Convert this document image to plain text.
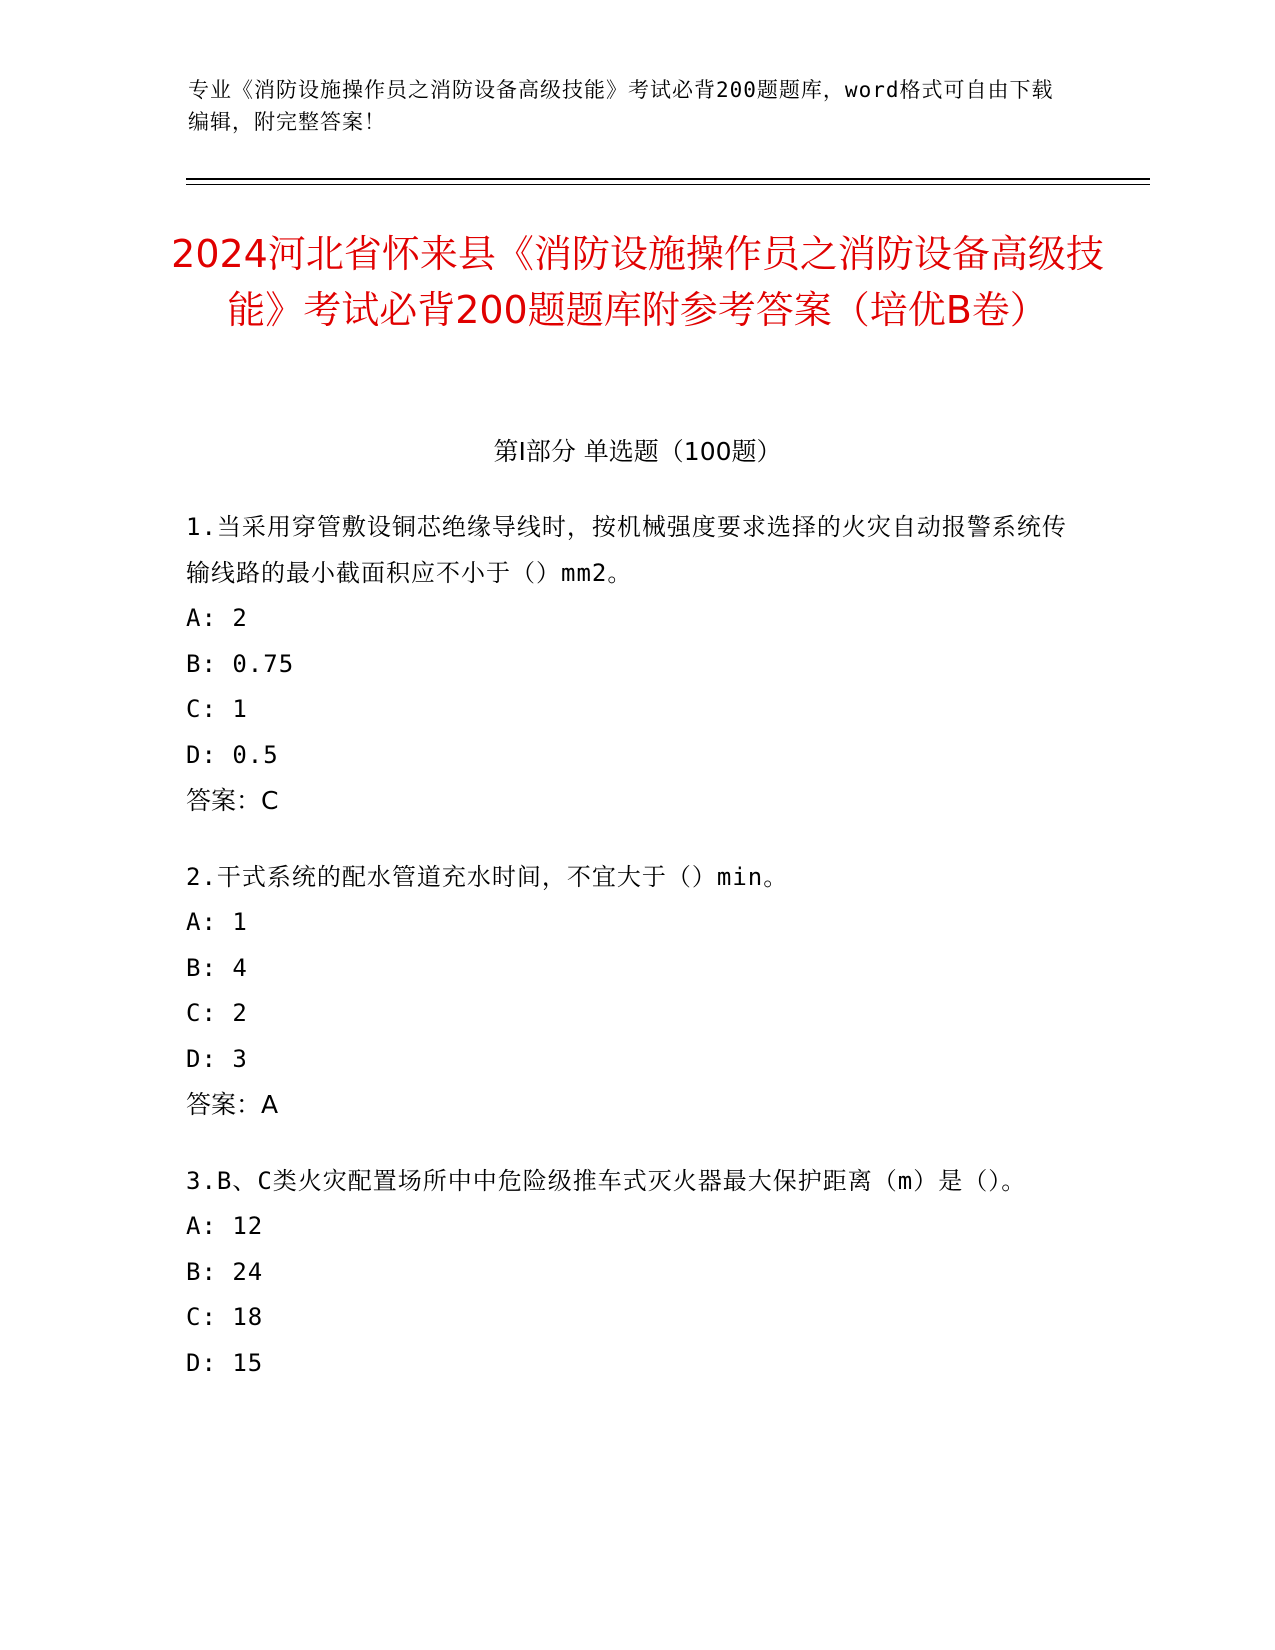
专业《消防设施操作员之消防设备高级技能》考试必背200题题库，word格式可自由下载编辑，附完整答案！
2024河北省怀来县《消防设施操作员之消防设备高级技能》考试必背200题题库附参考答案（培优B卷）
第I部分 单选题（100题）
1.当采用穿管敷设铜芯绝缘导线时，按机械强度要求选择的火灾自动报警系统传输线路的最小截面积应不小于（）mm2。
A: 2
B: 0.75
C: 1
D: 0.5
答案：C
2.干式系统的配水管道充水时间，不宜大于（）min。
A: 1
B: 4
C: 2
D: 3
答案：A
3.B、C类火灾配置场所中中危险级推车式灭火器最大保护距离（m）是（）。
A: 12
B: 24
C: 18
D: 15
